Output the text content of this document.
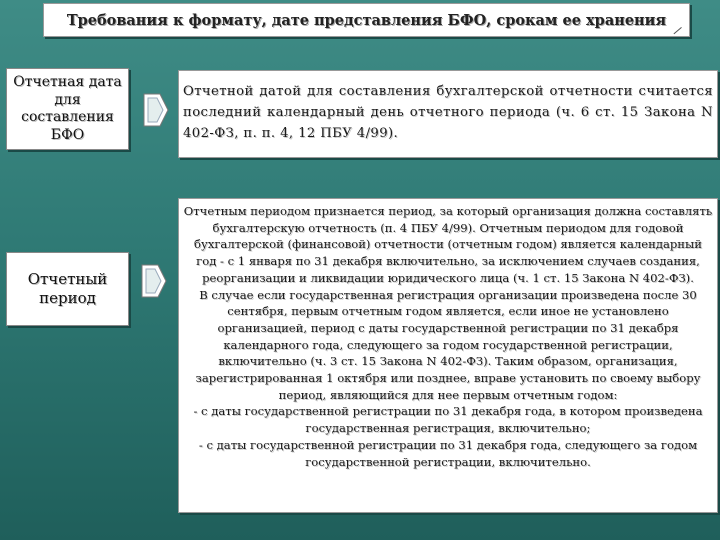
Требования к формату, дате представления БФО, срокам ее хранения
Отчетная дата для составления БФО

Отчетной датой для составления бухгалтерской отчетности считается последний календарный день отчетного периода (ч. 6 ст. 15 Закона N 402-ФЗ, п. п. 4, 12 ПБУ 4/99).

Отчетный период

Отчетным периодом признается период, за который организация должна составлять бухгалтерскую отчетность (п. 4 ПБУ 4/99). Отчетным периодом для годовой бухгалтерской (финансовой) отчетности (отчетным годом) является календарный год - с 1 января по 31 декабря включительно, за исключением случаев создания, реорганизации и ликвидации юридического лица (ч. 1 ст. 15 Закона N 402-ФЗ).

В случае если государственная регистрация организации произведена после 30 сентября, первым отчетным годом является, если иное не установлено организацией, период с даты государственной регистрации по 31 декабря календарного года, следующего за годом государственной регистрации, включительно (ч. 3 ст. 15 Закона N 402-ФЗ). Таким образом, организация, зарегистрированная 1 октября или позднее, вправе установить по своему выбору период, являющийся для нее первым отчетным годом:

- с даты государственной регистрации по 31 декабря года, в котором произведена государственная регистрация, включительно;

- с даты государственной регистрации по 31 декабря года, следующего за годом государственной регистрации, включительно.
